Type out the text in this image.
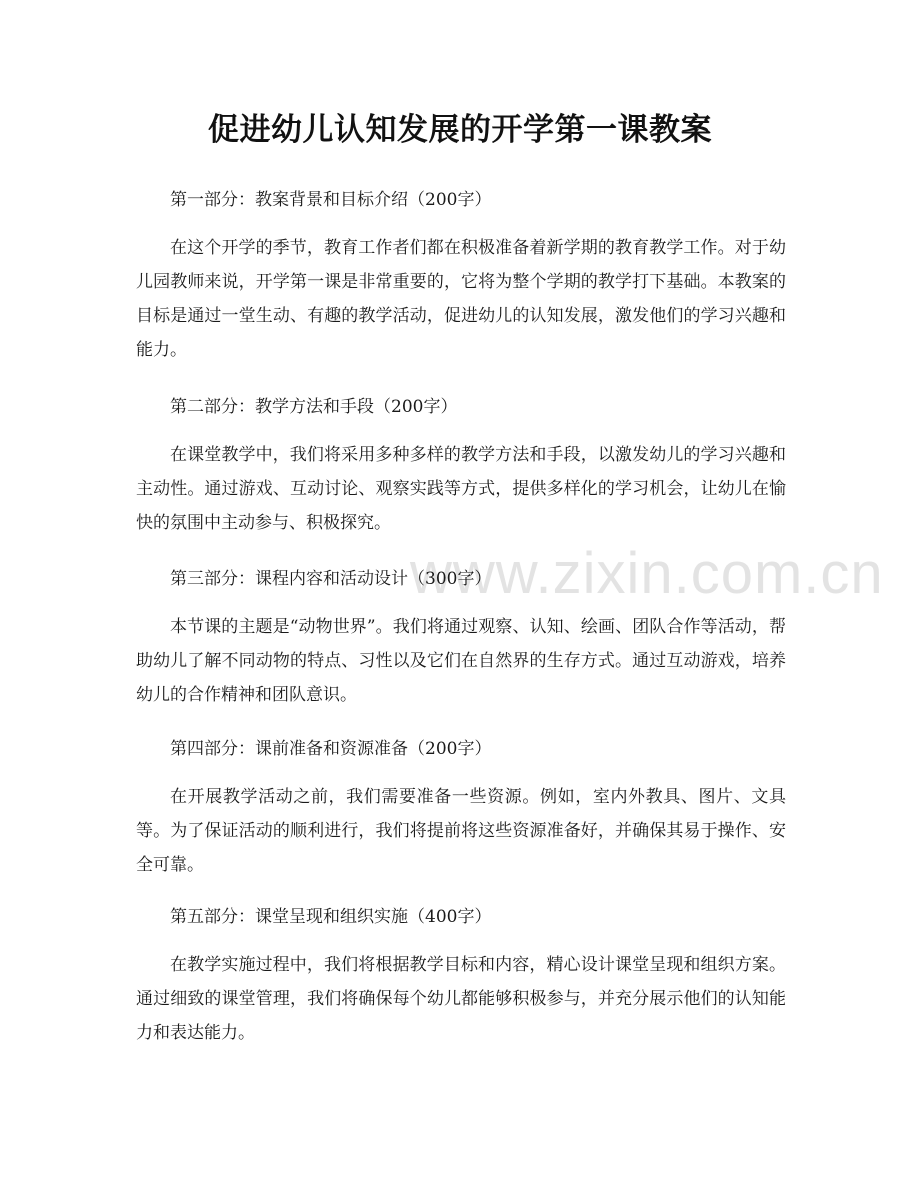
www.zixin.com.cn
促进幼儿认知发展的开学第一课教案
第一部分：教案背景和目标介绍（200字）
在这个开学的季节，教育工作者们都在积极准备着新学期的教育教学工作。对于幼儿园教师来说，开学第一课是非常重要的，它将为整个学期的教学打下基础。本教案的目标是通过一堂生动、有趣的教学活动，促进幼儿的认知发展，激发他们的学习兴趣和能力。
第二部分：教学方法和手段（200字）
在课堂教学中，我们将采用多种多样的教学方法和手段，以激发幼儿的学习兴趣和主动性。通过游戏、互动讨论、观察实践等方式，提供多样化的学习机会，让幼儿在愉快的氛围中主动参与、积极探究。
第三部分：课程内容和活动设计（300字）
本节课的主题是“动物世界”。我们将通过观察、认知、绘画、团队合作等活动，帮助幼儿了解不同动物的特点、习性以及它们在自然界的生存方式。通过互动游戏，培养幼儿的合作精神和团队意识。
第四部分：课前准备和资源准备（200字）
在开展教学活动之前，我们需要准备一些资源。例如，室内外教具、图片、文具等。为了保证活动的顺利进行，我们将提前将这些资源准备好，并确保其易于操作、安全可靠。
第五部分：课堂呈现和组织实施（400字）
在教学实施过程中，我们将根据教学目标和内容，精心设计课堂呈现和组织方案。通过细致的课堂管理，我们将确保每个幼儿都能够积极参与，并充分展示他们的认知能力和表达能力。
